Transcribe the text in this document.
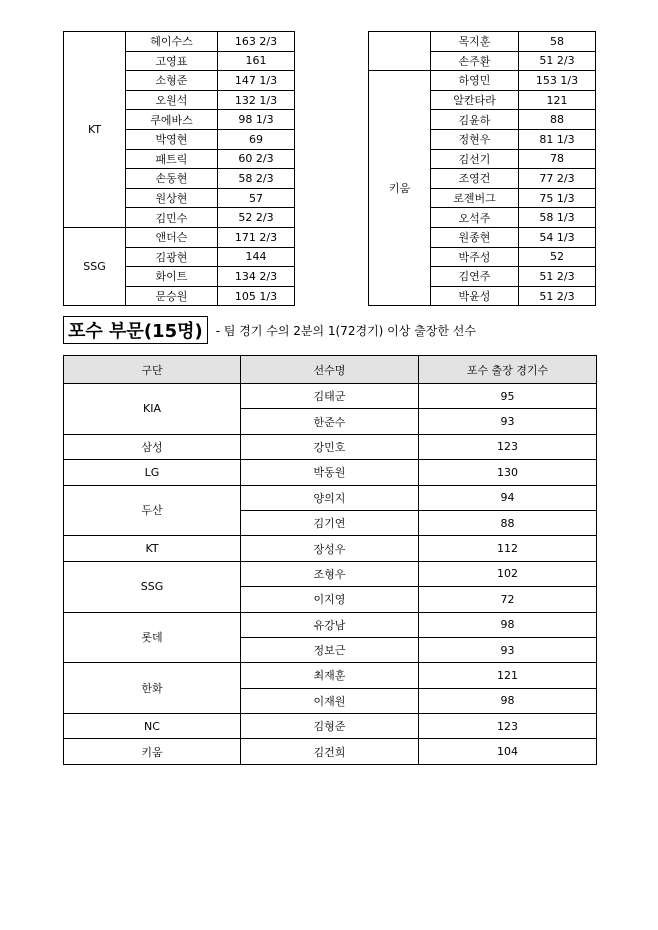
KT	헤이수스	163 2/3
	고영표	161
	소형준	147 1/3
	오원석	132 1/3
	쿠에바스	98 1/3
	박영현	69
	패트릭	60 2/3
	손동현	58 2/3
	원상현	57
	김민수	52 2/3
SSG	앤더슨	171 2/3
	김광현	144
	화이트	134 2/3
	문승원	105 1/3
	목지훈	58
	손주환	51 2/3
키움	하영민	153 1/3
	알칸타라	121
	김윤하	88
	정현우	81 1/3
	김선기	78
	조영건	77 2/3
	로젠버그	75 1/3
	오석주	58 1/3
	원종현	54 1/3
	박주성	52
	김연주	51 2/3
	박윤성	51 2/3
포수 부문(15명)	- 팀 경기 수의 2분의 1(72경기) 이상 출장한 선수
구단	선수명	포수 출장 경기수
KIA	김태군	95
	한준수	93
삼성	강민호	123
LG	박동원	130
두산	양의지	94
	김기연	88
KT	장성우	112
SSG	조형우	102
	이지영	72
롯데	유강남	98
	정보근	93
한화	최재훈	121
	이재원	98
NC	김형준	123
키움	김건희	104
